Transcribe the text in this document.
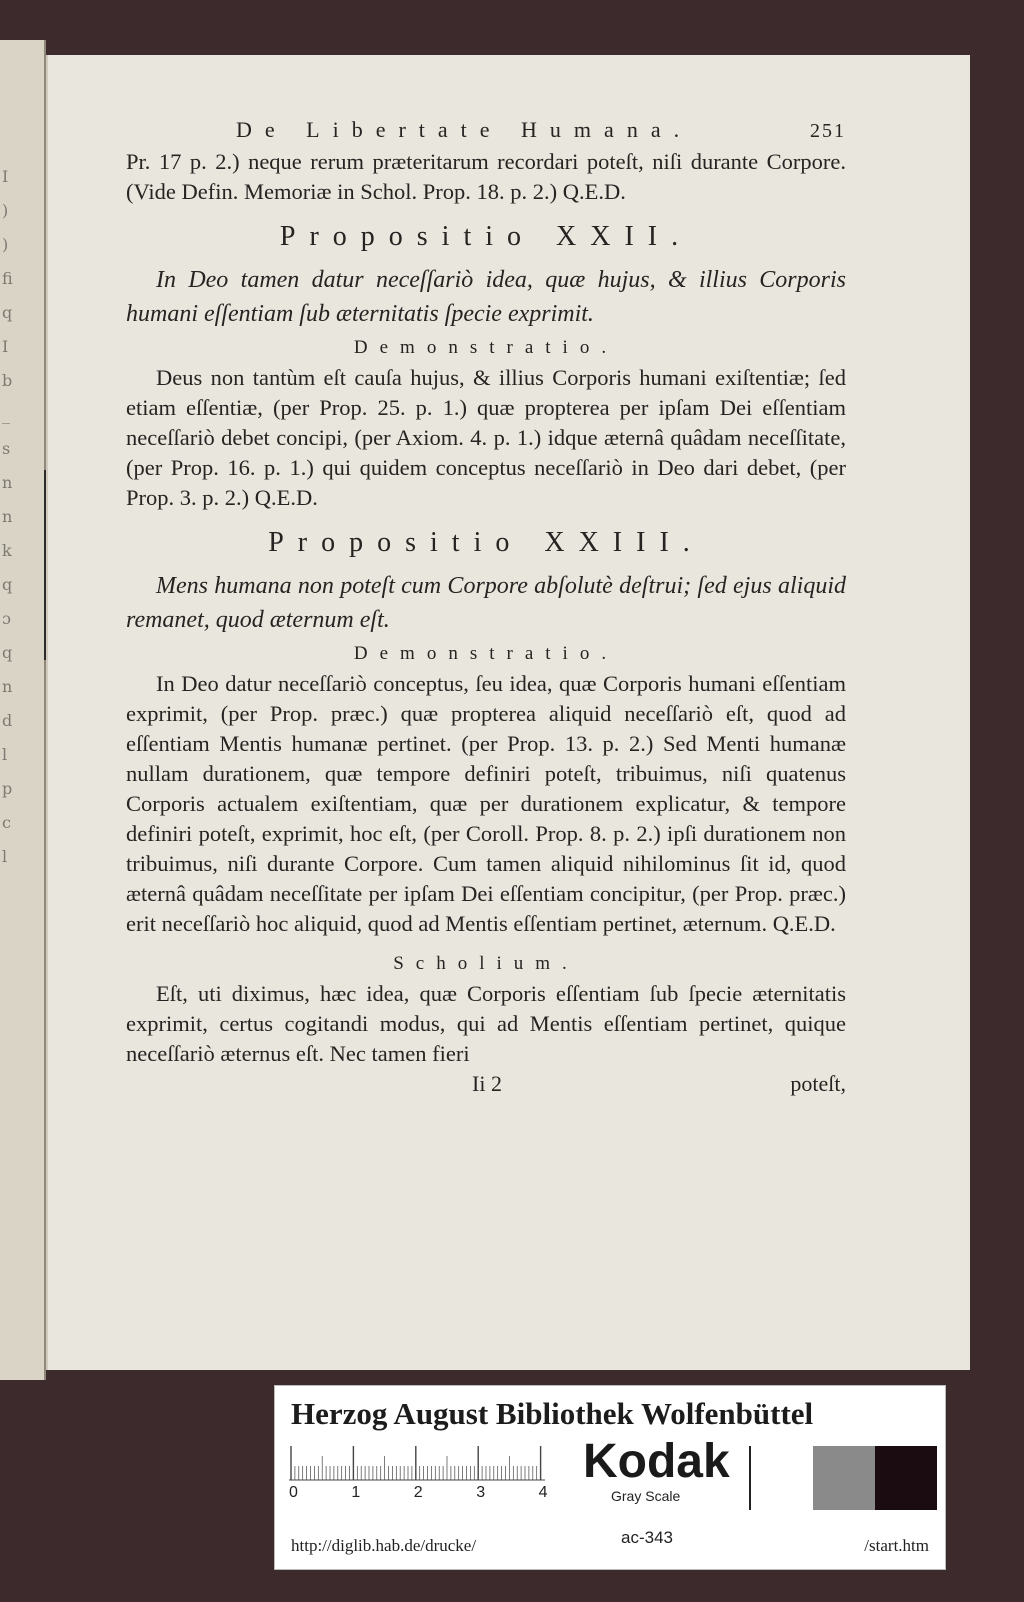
I
)
)
fi
q
I
b
_
s
n
n
k
q
ɔ
q
n
d
l
p
c
l
De Libertate Humana.	251

Pr. 17 p. 2.) neque rerum præteritarum recordari poteſt, niſi durante Corpore. (Vide Defin. Memoriæ in Schol. Prop. 18. p. 2.) Q.E.D.

Propositio XXII.

In Deo tamen datur neceſſariò idea, quæ hujus, & illius Corporis humani eſſentiam ſub æternitatis ſpecie exprimit.

Demonstratio.

Deus non tantùm eſt cauſa hujus, & illius Corporis humani exiſtentiæ; ſed etiam eſſentiæ, (per Prop. 25. p. 1.) quæ propterea per ipſam Dei eſſentiam neceſſariò debet concipi, (per Axiom. 4. p. 1.) idque æternâ quâdam neceſſitate, (per Prop. 16. p. 1.) qui quidem conceptus neceſſariò in Deo dari debet, (per Prop. 3. p. 2.) Q.E.D.

Propositio XXIII.

Mens humana non poteſt cum Corpore abſolutè deſtrui; ſed ejus aliquid remanet, quod æternum eſt.

Demonstratio.

In Deo datur neceſſariò conceptus, ſeu idea, quæ Corporis humani eſſentiam exprimit, (per Prop. præc.) quæ propterea aliquid neceſſariò eſt, quod ad eſſentiam Mentis humanæ pertinet. (per Prop. 13. p. 2.) Sed Menti humanæ nullam durationem, quæ tempore definiri poteſt, tribuimus, niſi quatenus Corporis actualem exiſtentiam, quæ per durationem explicatur, & tempore definiri poteſt, exprimit, hoc eſt, (per Coroll. Prop. 8. p. 2.) ipſi durationem non tribuimus, niſi durante Corpore. Cum tamen aliquid nihilominus ſit id, quod æternâ quâdam neceſſitate per ipſam Dei eſſentiam concipitur, (per Prop. præc.) erit neceſſariò hoc aliquid, quod ad Mentis eſſentiam pertinet, æternum. Q.E.D.

Scholium.

Eſt, uti diximus, hæc idea, quæ Corporis eſſentiam ſub ſpecie æternitatis exprimit, certus cogitandi modus, qui ad Mentis eſſentiam pertinet, quique neceſſariò æternus eſt. Nec tamen fieri

Ii 2	poteſt,
Herzog August Bibliothek Wolfenbüttel
0	1	2	3	4
Kodak
Gray Scale
http://diglib.hab.de/drucke/	ac-343	/start.htm
